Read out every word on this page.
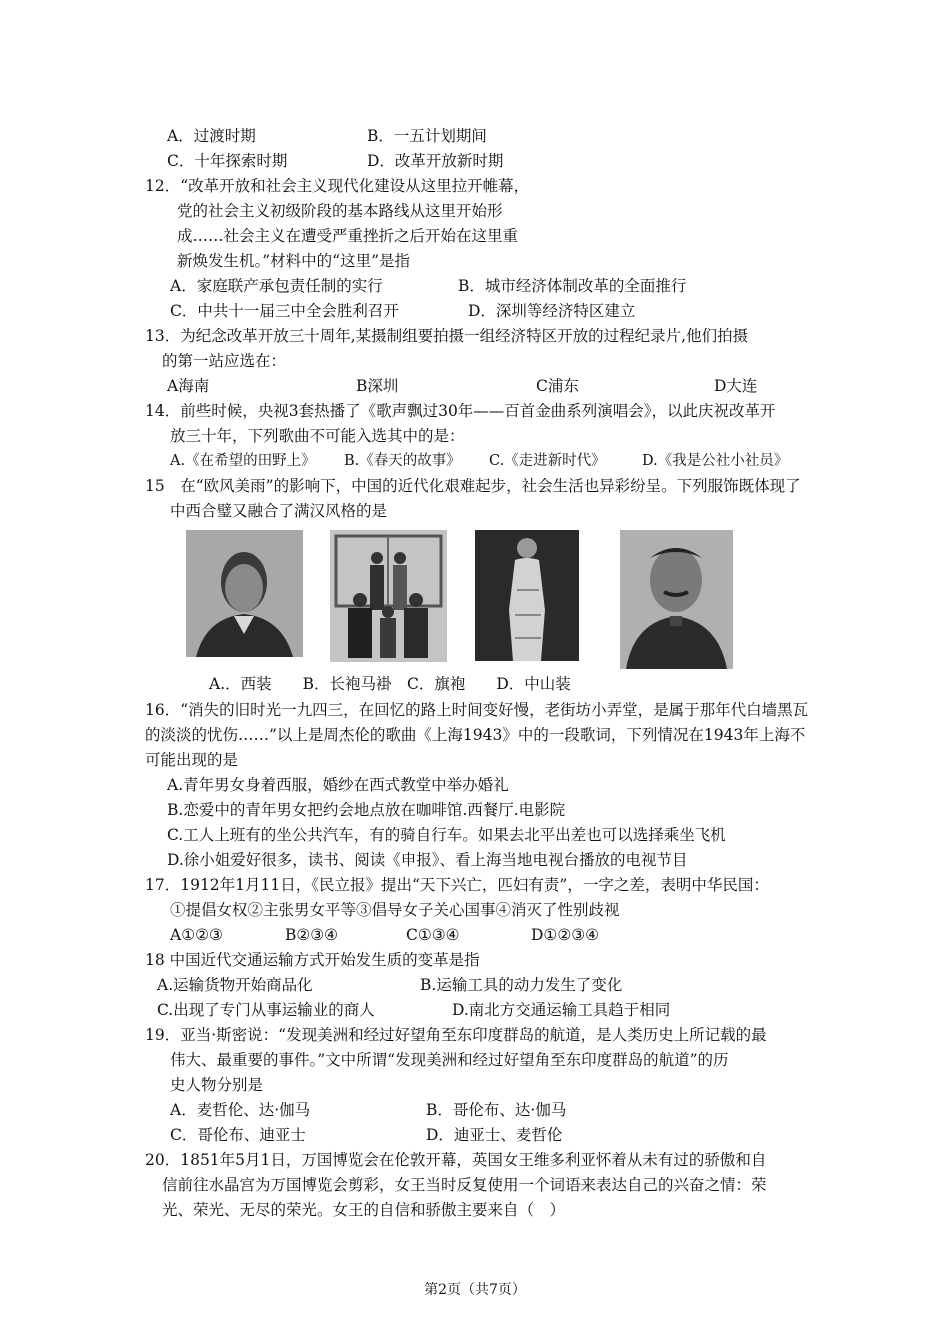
A．过渡时期	B．一五计划期间
C．十年探索时期	D．改革开放新时期
12．“改革开放和社会主义现代化建设从这里拉开帷幕，
党的社会主义初级阶段的基本路线从这里开始形
成……社会主义在遭受严重挫折之后开始在这里重
新焕发生机。”材料中的“这里”是指
A．家庭联产承包责任制的实行	B．城市经济体制改革的全面推行
C．中共十一届三中全会胜利召开	D．深圳等经济特区建立
13．为纪念改革开放三十周年,某摄制组要拍摄一组经济特区开放的过程纪录片,他们拍摄
的第一站应选在：
A海南	B深圳	C浦东	D大连
14．前些时候，央视3套热播了《歌声飘过30年——百首金曲系列演唱会》，以此庆祝改革开
放三十年，下列歌曲不可能入选其中的是：
A.《在希望的田野上》 B.《春天的故事》 C.《走进新时代》	D.《我是公社小社员》
15　在“欧风美雨”的影响下，中国的近代化艰难起步，社会生活也异彩纷呈。下列服饰既体现了
中西合璧又融合了满汉风格的是
A.．西装　　B．长袍马褂　C．旗袍　　D．中山装
16．“消失的旧时光一九四三，在回忆的路上时间变好慢，老街坊小弄堂，是属于那年代白墙黑瓦
的淡淡的忧伤……”以上是周杰伦的歌曲《上海1943》中的一段歌词，下列情况在1943年上海不
可能出现的是
A.青年男女身着西服，婚纱在西式教堂中举办婚礼
B.恋爱中的青年男女把约会地点放在咖啡馆.西餐厅.电影院
C.工人上班有的坐公共汽车，有的骑自行车。如果去北平出差也可以选择乘坐飞机
D.徐小姐爱好很多，读书、阅读《申报》、看上海当地电视台播放的电视节目
17．1912年1月11日，《民立报》提出“天下兴亡，匹妇有责”，一字之差，表明中华民国：
①提倡女权②主张男女平等③倡导女子关心国事④消灭了性别歧视
A①②③	B②③④	C①③④	D①②③④
18 中国近代交通运输方式开始发生质的变革是指
A.运输货物开始商品化	B.运输工具的动力发生了变化
C.出现了专门从事运输业的商人	D.南北方交通运输工具趋于相同
19．亚当·斯密说：“发现美洲和经过好望角至东印度群岛的航道，是人类历史上所记载的最
伟大、最重要的事件。”文中所谓“发现美洲和经过好望角至东印度群岛的航道”的历
史人物分别是
A．麦哲伦、达·伽马	B．哥伦布、达·伽马
C．哥伦布、迪亚士	D．迪亚士、麦哲伦
20．1851年5月1日，万国博览会在伦敦开幕，英国女王维多利亚怀着从未有过的骄傲和自
信前往水晶宫为万国博览会剪彩，女王当时反复使用一个词语来表达自己的兴奋之情：荣
光、荣光、无尽的荣光。女王的自信和骄傲主要来自（　）
第2页（共7页）
